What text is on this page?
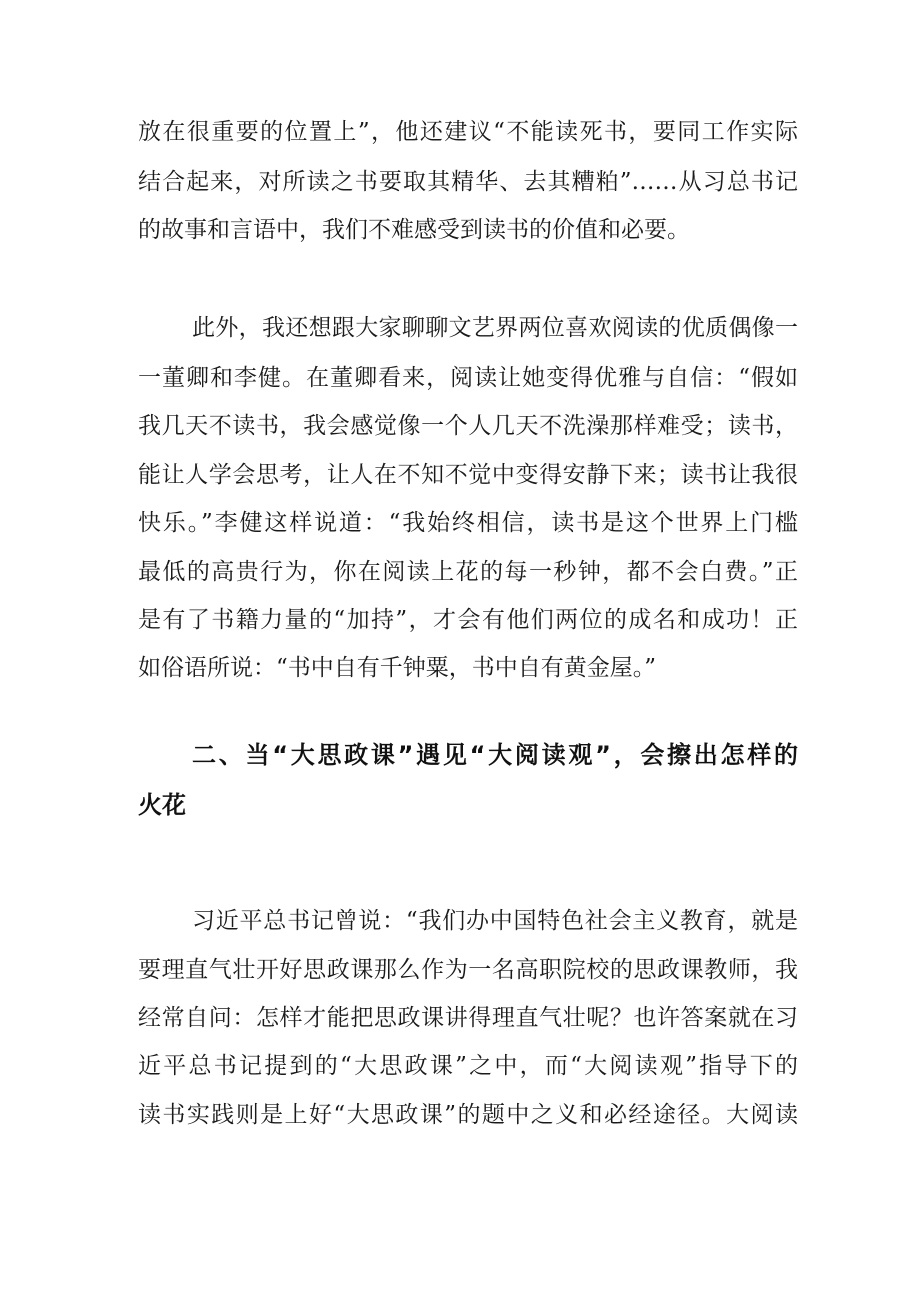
放在很重要的位置上”，他还建议“不能读死书，要同工作实际
结合起来，对所读之书要取其精华、去其糟粕”……从习总书记
的故事和言语中，我们不难感受到读书的价值和必要。
此外，我还想跟大家聊聊文艺界两位喜欢阅读的优质偶像一
一董卿和李健。在董卿看来，阅读让她变得优雅与自信：“假如
我几天不读书，我会感觉像一个人几天不洗澡那样难受；读书，
能让人学会思考，让人在不知不觉中变得安静下来；读书让我很
快乐。”李健这样说道：“我始终相信，读书是这个世界上门槛
最低的高贵行为，你在阅读上花的每一秒钟，都不会白费。”正
是有了书籍力量的“加持”，才会有他们两位的成名和成功！正
如俗语所说：“书中自有千钟粟，书中自有黄金屋。”
二、当“大思政课”遇见“大阅读观”，会擦出怎样的
火花
习近平总书记曾说：“我们办中国特色社会主义教育，就是
要理直气壮开好思政课那么作为一名高职院校的思政课教师，我
经常自问：怎样才能把思政课讲得理直气壮呢？也许答案就在习
近平总书记提到的“大思政课”之中，而“大阅读观”指导下的
读书实践则是上好“大思政课”的题中之义和必经途径。大阅读
